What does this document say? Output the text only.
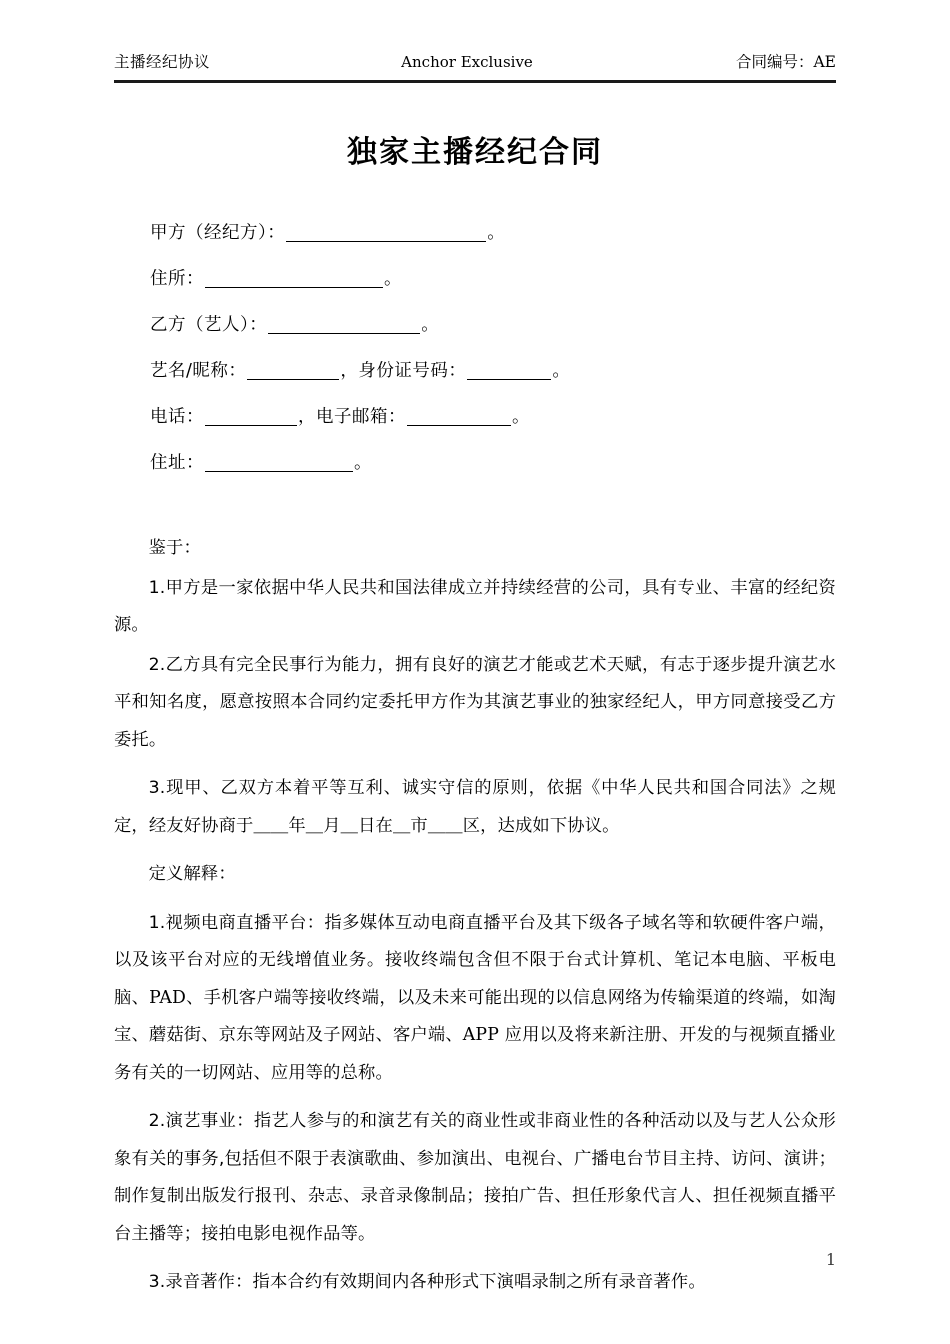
主播经纪协议	Anchor Exclusive	合同编号：AE
独家主播经纪合同
甲方（经纪方）：	。
住所：	。
乙方（艺人）：	。
艺名/昵称：	，身份证号码：	。
电话：	，电子邮箱：	。
住址：	。

鉴于：

1.甲方是一家依据中华人民共和国法律成立并持续经营的公司，具有专业、丰富的经纪资源。

2.乙方具有完全民事行为能力，拥有良好的演艺才能或艺术天赋，有志于逐步提升演艺水平和知名度，愿意按照本合同约定委托甲方作为其演艺事业的独家经纪人，甲方同意接受乙方委托。

3.现甲、乙双方本着平等互利、诚实守信的原则，依据《中华人民共和国合同法》之规定，经友好协商于＿＿年＿月＿日在＿市＿＿区，达成如下协议。

定义解释：

1.视频电商直播平台：指多媒体互动电商直播平台及其下级各子域名等和软硬件客户端，以及该平台对应的无线增值业务。接收终端包含但不限于台式计算机、笔记本电脑、平板电脑、PAD、手机客户端等接收终端，以及未来可能出现的以信息网络为传输渠道的终端，如淘宝、蘑菇街、京东等网站及子网站、客户端、APP 应用以及将来新注册、开发的与视频直播业务有关的一切网站、应用等的总称。

2.演艺事业：指艺人参与的和演艺有关的商业性或非商业性的各种活动以及与艺人公众形象有关的事务,包括但不限于表演歌曲、参加演出、电视台、广播电台节目主持、访问、演讲；制作复制出版发行报刊、杂志、录音录像制品；接拍广告、担任形象代言人、担任视频直播平台主播等；接拍电影电视作品等。

3.录音著作：指本合约有效期间内各种形式下演唱录制之所有录音著作。

1
